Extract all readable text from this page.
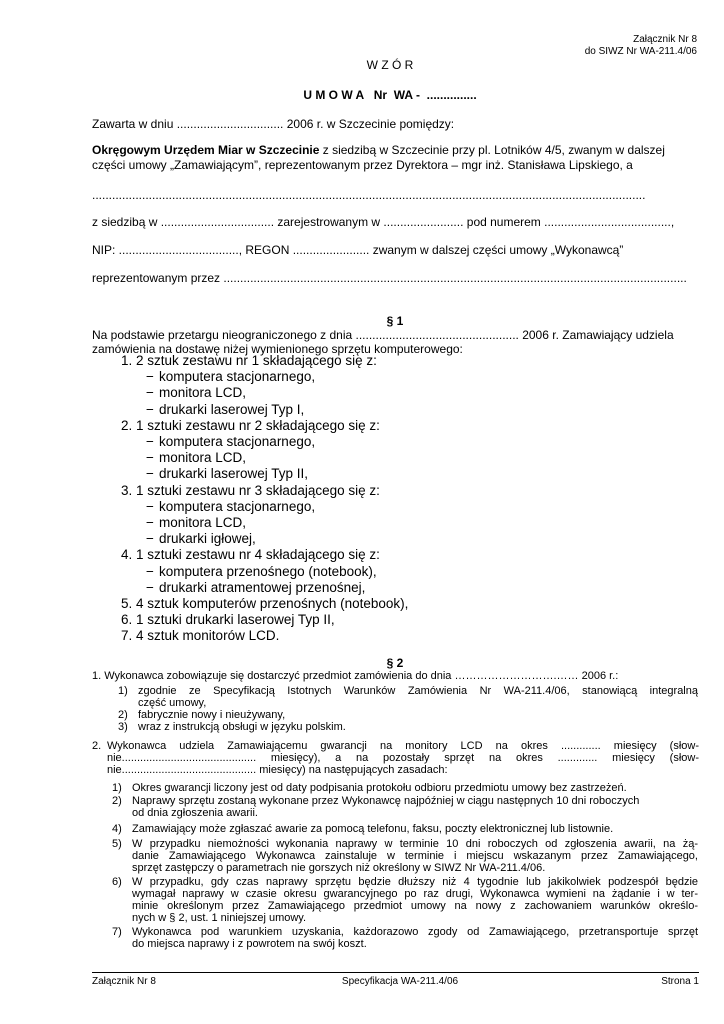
Załącznik Nr 8
do SIWZ Nr WA-211.4/06
W Z Ó R
U M O W A   Nr  WA -  ...............
Zawarta w dniu ................................ 2006 r. w Szczecinie pomiędzy:
Okręgowym Urzędem Miar w Szczecinie z siedzibą w Szczecinie przy pl. Lotników 4/5, zwanym w dalszej
części umowy „Zamawiającym”, reprezentowanym przez Dyrektora – mgr inż. Stanisława Lipskiego, a
......................................................................................................................................................................
z siedzibą w .................................. zarejestrowanym w ........................ pod numerem ......................................,
NIP: ...................................., REGON ....................... zwanym w dalszej części umowy „Wykonawcą”
reprezentowanym przez ...........................................................................................................................................
§ 1
Na podstawie przetargu nieograniczonego z dnia ................................................. 2006 r. Zamawiający udziela
zamówienia na dostawę niżej wymienionego sprzętu komputerowego:
1. 2 sztuk zestawu nr 1 składającego się z:
− komputera stacjonarnego,
− monitora LCD,
− drukarki laserowej Typ I,
2. 1 sztuki zestawu nr 2 składającego się z:
− komputera stacjonarnego,
− monitora LCD,
− drukarki laserowej Typ II,
3. 1 sztuki zestawu nr 3 składającego się z:
− komputera stacjonarnego,
− monitora LCD,
− drukarki igłowej,
4. 1 sztuki zestawu nr 4 składającego się z:
− komputera przenośnego (notebook),
− drukarki atramentowej przenośnej,
5. 4 sztuk komputerów przenośnych (notebook),
6. 1 sztuki drukarki laserowej Typ II,
7. 4 sztuk monitorów LCD.
§ 2
1. Wykonawca zobowiązuje się dostarczyć przedmiot zamówienia do dnia ……………………….…… 2006 r.:
1) zgodnie ze Specyfikacją Istotnych Warunków Zamówienia Nr WA-211.4/06, stanowiącą integralną
część umowy,
2) fabrycznie nowy i nieużywany,
3) wraz z instrukcją obsługi w języku polskim.
2. Wykonawca udziela Zamawiającemu gwarancji na monitory LCD na okres ............. miesięcy (słow-
nie............................................ miesięcy), a na pozostały sprzęt na okres ............. miesięcy (słow-
nie............................................ miesięcy) na następujących zasadach:
1) Okres gwarancji liczony jest od daty podpisania protokołu odbioru przedmiotu umowy bez zastrzeżeń.
2) Naprawy sprzętu zostaną wykonane przez Wykonawcę najpóźniej w ciągu następnych 10 dni roboczych
od dnia zgłoszenia awarii.
4) Zamawiający może zgłaszać awarie za pomocą telefonu, faksu, poczty elektronicznej lub listownie.
5) W przypadku niemożności wykonania naprawy w terminie 10 dni roboczych od zgłoszenia awarii, na żą-
danie Zamawiającego Wykonawca zainstaluje w terminie i miejscu wskazanym przez Zamawiającego,
sprzęt zastępczy o parametrach nie gorszych niż określony w SIWZ Nr WA-211.4/06.
6) W przypadku, gdy czas naprawy sprzętu będzie dłuższy niż 4 tygodnie lub jakikolwiek podzespół będzie
wymagał naprawy w czasie okresu gwarancyjnego po raz drugi, Wykonawca wymieni na żądanie i w ter-
minie określonym przez Zamawiającego przedmiot umowy na nowy z zachowaniem warunków określo-
nych w § 2, ust. 1 niniejszej umowy.
7) Wykonawca pod warunkiem uzyskania, każdorazowo zgody od Zamawiającego, przetransportuje sprzęt
do miejsca naprawy i z powrotem na swój koszt.
Załącznik Nr 8	Specyfikacja WA-211.4/06	Strona 1
